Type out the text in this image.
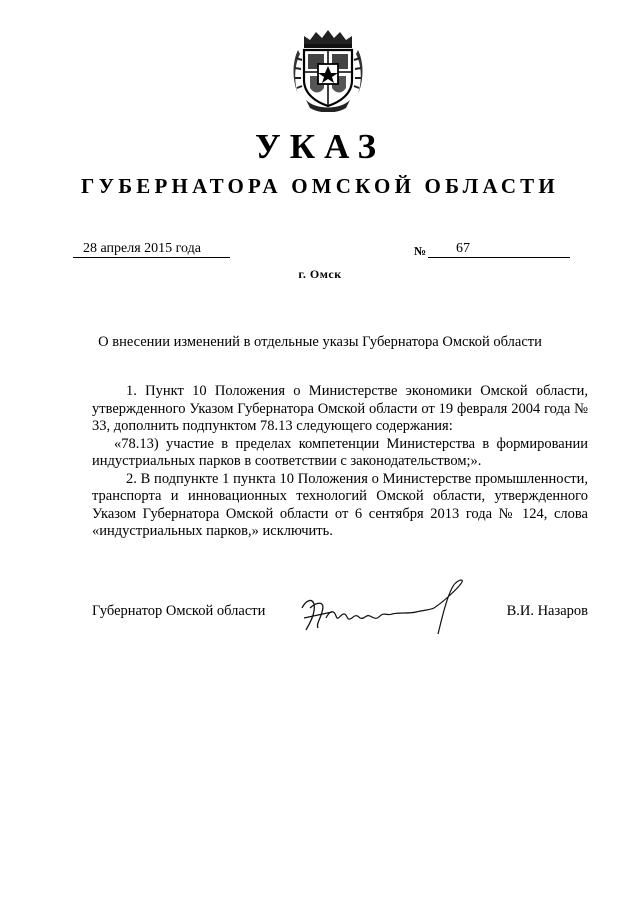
УКАЗ
ГУБЕРНАТОРА ОМСКОЙ ОБЛАСТИ
28 апреля 2015 года	№	67
г. Омск
О внесении изменений в отдельные указы Губернатора Омской области

1. Пункт 10 Положения о Министерстве экономики Омской области, утвержденного Указом Губернатора Омской области от 19 февраля 2004 года № 33, дополнить подпунктом 78.13 следующего содержания:

«78.13) участие в пределах компетенции Министерства в формировании индустриальных парков в соответствии с законодательством;».

2. В подпункте 1 пункта 10 Положения о Министерстве промышленности, транспорта и инновационных технологий Омской области, утвержденного Указом Губернатора Омской области от 6 сентября 2013 года № 124, слова «индустриальных парков,» исключить.

Губернатор Омской области	В.И. Назаров
